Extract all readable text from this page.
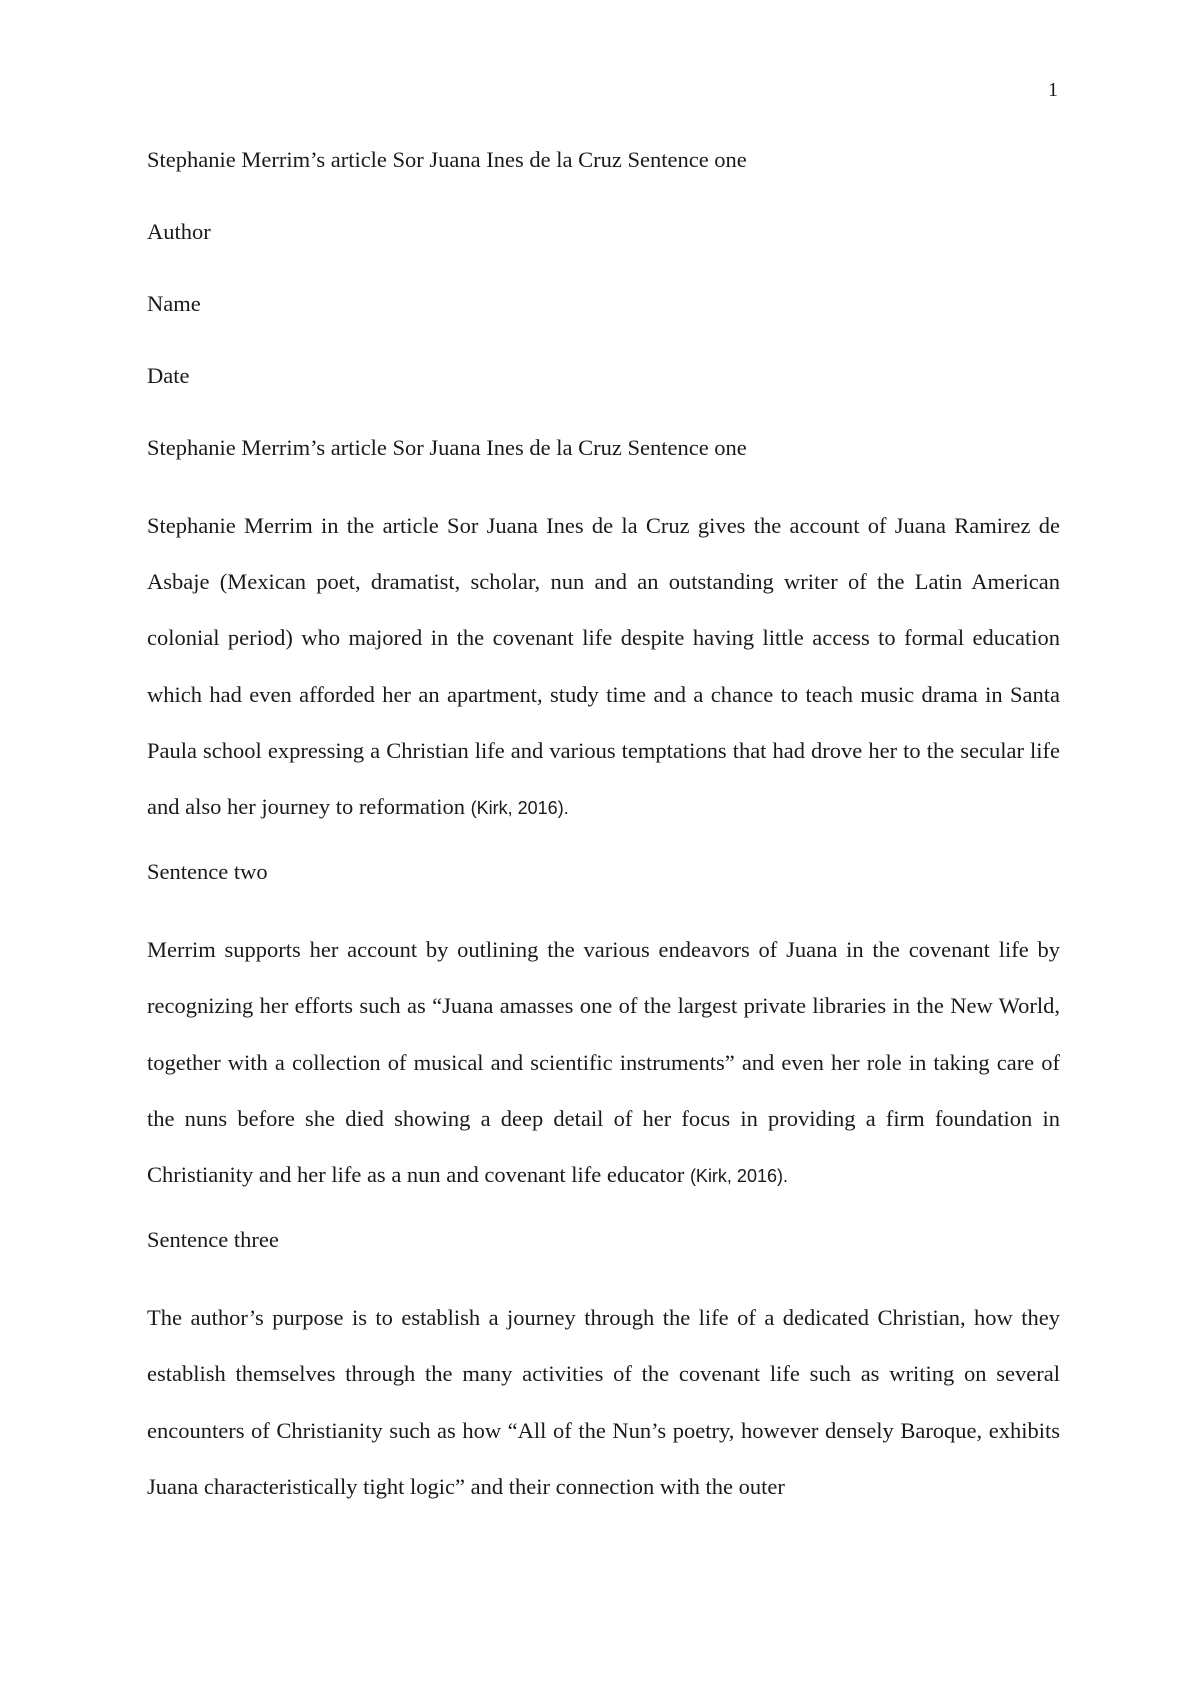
1

Stephanie Merrim’s article Sor Juana Ines de la Cruz Sentence one

Author

Name

Date

Stephanie Merrim’s article Sor Juana Ines de la Cruz Sentence one

Stephanie Merrim in the article Sor Juana Ines de la Cruz gives the account of Juana Ramirez de Asbaje (Mexican poet, dramatist, scholar, nun and an outstanding writer of the Latin American colonial period) who majored in the covenant life despite having little access to formal education which had even afforded her an apartment, study time and a chance to teach music drama in Santa Paula school expressing a Christian life and various temptations that had drove her to the secular life and also her journey to reformation (Kirk, 2016).

Sentence two

Merrim supports her account by outlining the various endeavors of Juana in the covenant life by recognizing her efforts such as “Juana amasses one of the largest private libraries in the New World, together with a collection of musical and scientific instruments” and even her role in taking care of the nuns before she died showing a deep detail of her focus in providing a firm foundation in Christianity and her life as a nun and covenant life educator (Kirk, 2016).

Sentence three

The author’s purpose is to establish a journey through the life of a dedicated Christian, how they establish themselves through the many activities of the covenant life such as writing on several encounters of Christianity such as how “All of the Nun’s poetry, however densely Baroque, exhibits Juana characteristically tight logic” and their connection with the outer
